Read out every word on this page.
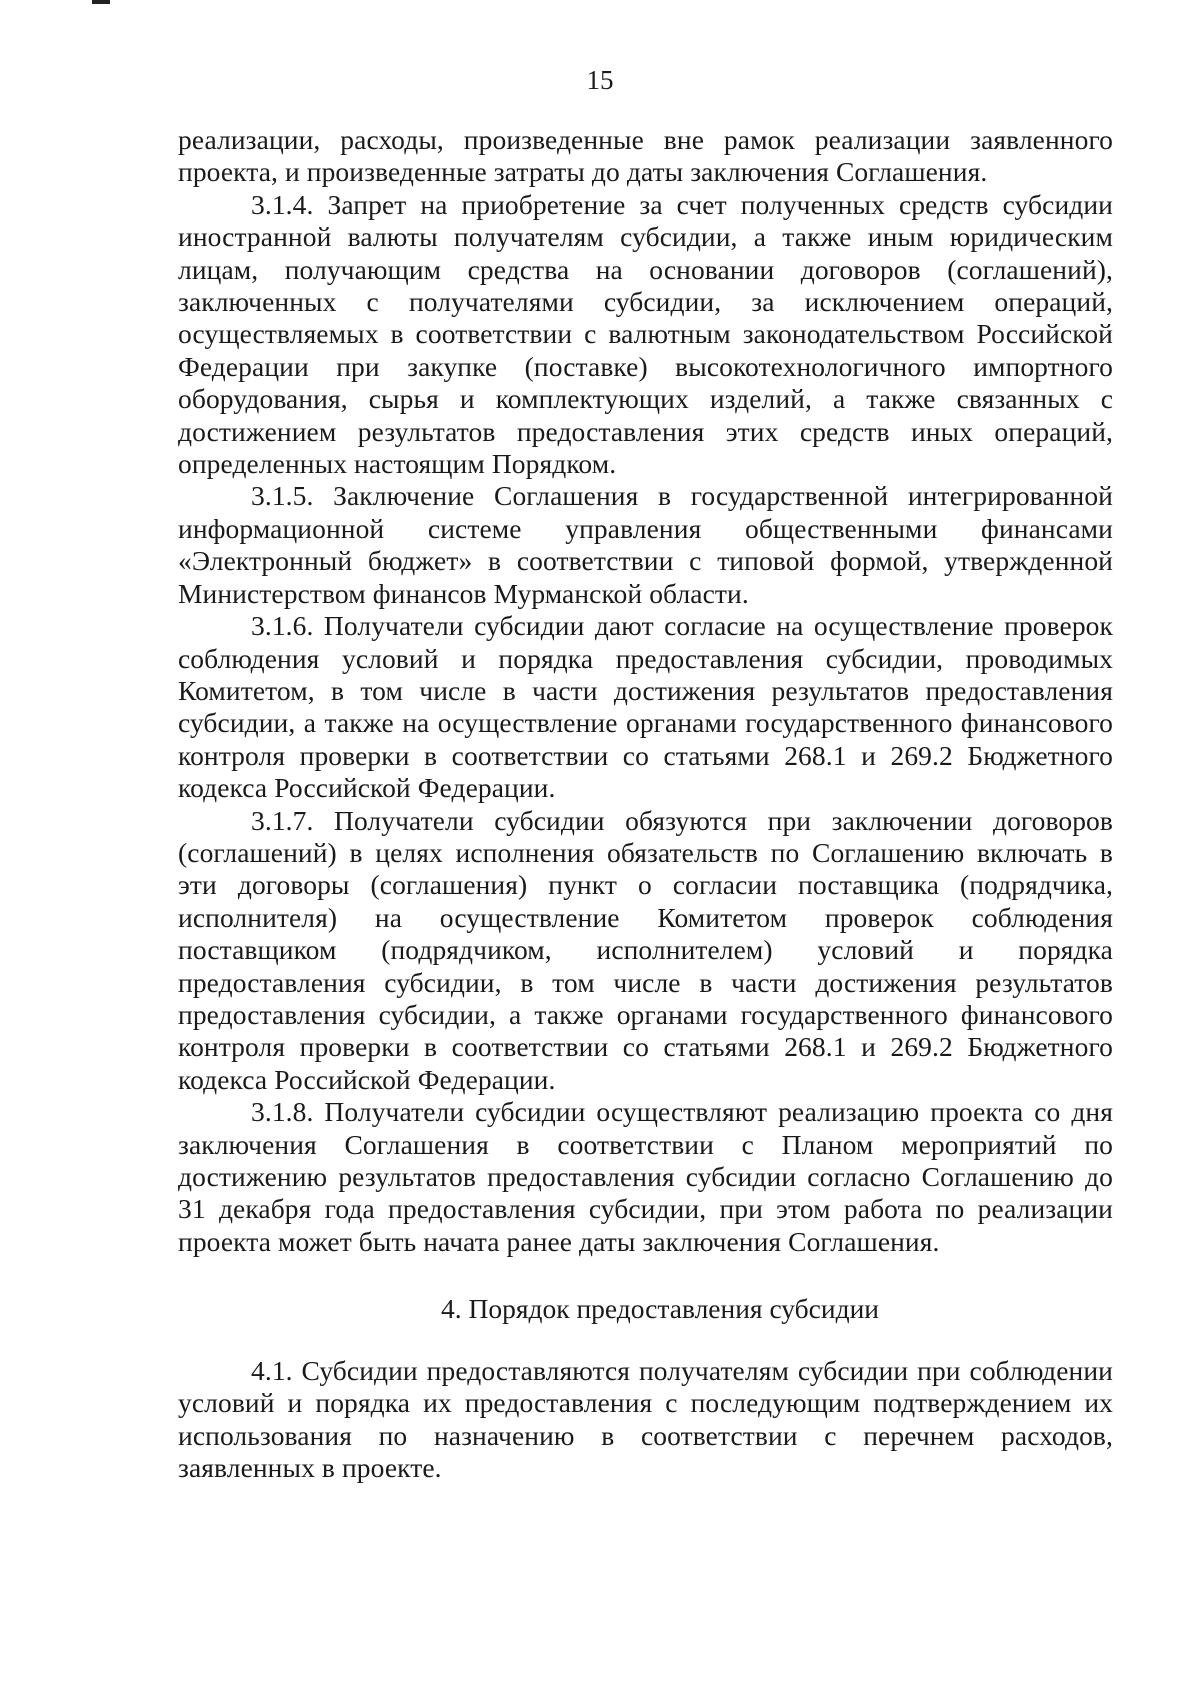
15

реализации, расходы, произведенные вне рамок реализации заявленного проекта, и произведенные затраты до даты заключения Соглашения.

3.1.4. Запрет на приобретение за счет полученных средств субсидии иностранной валюты получателям субсидии, а также иным юридическим лицам, получающим средства на основании договоров (соглашений), заключенных с получателями субсидии, за исключением операций, осуществляемых в соответствии с валютным законодательством Российской Федерации при закупке (поставке) высокотехнологичного импортного оборудования, сырья и комплектующих изделий, а также связанных с достижением результатов предоставления этих средств иных операций, определенных настоящим Порядком.

3.1.5. Заключение Соглашения в государственной интегрированной информационной системе управления общественными финансами «Электронный бюджет» в соответствии с типовой формой, утвержденной Министерством финансов Мурманской области.

3.1.6. Получатели субсидии дают согласие на осуществление проверок соблюдения условий и порядка предоставления субсидии, проводимых Комитетом, в том числе в части достижения результатов предоставления субсидии, а также на осуществление органами государственного финансового контроля проверки в соответствии со статьями 268.1 и 269.2 Бюджетного кодекса Российской Федерации.

3.1.7. Получатели субсидии обязуются при заключении договоров (соглашений) в целях исполнения обязательств по Соглашению включать в эти договоры (соглашения) пункт о согласии поставщика (подрядчика, исполнителя) на осуществление Комитетом проверок соблюдения поставщиком (подрядчиком, исполнителем) условий и порядка предоставления субсидии, в том числе в части достижения результатов предоставления субсидии, а также органами государственного финансового контроля проверки в соответствии со статьями 268.1 и 269.2 Бюджетного кодекса Российской Федерации.

3.1.8. Получатели субсидии осуществляют реализацию проекта со дня заключения Соглашения в соответствии с Планом мероприятий по достижению результатов предоставления субсидии согласно Соглашению до 31 декабря года предоставления субсидии, при этом работа по реализации проекта может быть начата ранее даты заключения Соглашения.

4. Порядок предоставления субсидии

4.1. Субсидии предоставляются получателям субсидии при соблюдении условий и порядка их предоставления с последующим подтверждением их использования по назначению в соответствии с перечнем расходов, заявленных в проекте.
